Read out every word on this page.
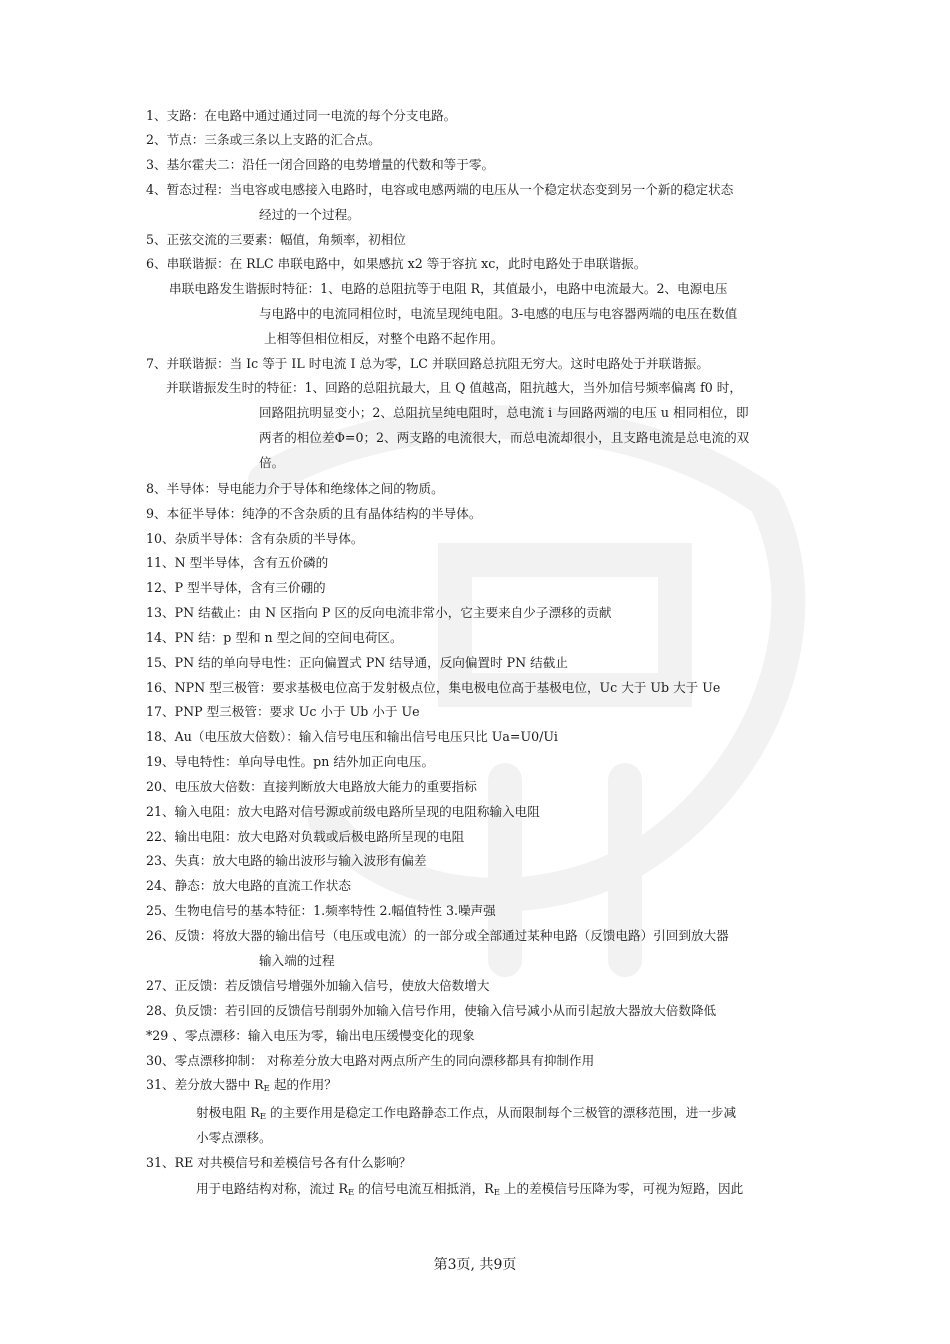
1、支路：在电路中通过通过同一电流的每个分支电路。
2、节点：三条或三条以上支路的汇合点。
3、基尔霍夫二：沿任一闭合回路的电势增量的代数和等于零。
4、暂态过程：当电容或电感接入电路时，电容或电感两端的电压从一个稳定状态变到另一个新的稳定状态
经过的一个过程。
5、正弦交流的三要素：幅值，角频率，初相位
6、串联谐振：在 RLC 串联电路中，如果感抗 x2 等于容抗 xc，此时电路处于串联谐振。
串联电路发生谐振时特征：1、电路的总阻抗等于电阻 R，其值最小，电路中电流最大。2、电源电压
与电路中的电流同相位时，电流呈现纯电阻。3-电感的电压与电容器两端的电压在数值
上相等但相位相反，对整个电路不起作用。
7、并联谐振：当 Ic 等于 IL 时电流 I 总为零，LC 并联回路总抗阻无穷大。这时电路处于并联谐振。
并联谐振发生时的特征：1、回路的总阻抗最大，且 Q 值越高，阻抗越大，当外加信号频率偏离 f0 时，
回路阻抗明显变小；2、总阻抗呈纯电阻时，总电流 i 与回路两端的电压 u 相同相位，即
两者的相位差Φ=0；2、两支路的电流很大，而总电流却很小，且支路电流是总电流的双
倍。
8、半导体：导电能力介于导体和绝缘体之间的物质。
9、本征半导体：纯净的不含杂质的且有晶体结构的半导体。
10、杂质半导体：含有杂质的半导体。
11、N 型半导体，含有五价磷的
12、P 型半导体，含有三价硼的
13、PN 结截止：由 N 区指向 P 区的反向电流非常小，它主要来自少子漂移的贡献
14、PN 结：p 型和 n 型之间的空间电荷区。
15、PN 结的单向导电性：正向偏置式 PN 结导通，反向偏置时 PN 结截止
16、NPN 型三极管：要求基极电位高于发射极点位，集电极电位高于基极电位，Uc 大于 Ub 大于 Ue
17、PNP 型三极管：要求 Uc 小于 Ub 小于 Ue
18、Au（电压放大倍数）：输入信号电压和输出信号电压只比 Ua=U0/Ui
19、导电特性：单向导电性。pn 结外加正向电压。
20、电压放大倍数：直接判断放大电路放大能力的重要指标
21、输入电阻：放大电路对信号源或前级电路所呈现的电阻称输入电阻
22、输出电阻：放大电路对负载或后极电路所呈现的电阻
23、失真：放大电路的输出波形与输入波形有偏差
24、静态：放大电路的直流工作状态
25、生物电信号的基本特征：1.频率特性 2.幅值特性 3.噪声强
26、反馈：将放大器的输出信号（电压或电流）的一部分或全部通过某种电路（反馈电路）引回到放大器
输入端的过程
27、正反馈：若反馈信号增强外加输入信号，使放大倍数增大
28、负反馈：若引回的反馈信号削弱外加输入信号作用，使输入信号减小从而引起放大器放大倍数降低
*29 、零点漂移：输入电压为零，输出电压缓慢变化的现象
30、零点漂移抑制： 对称差分放大电路对两点所产生的同向漂移都具有抑制作用
31、差分放大器中 $R_E$ 起的作用？
射极电阻 $R_E$ 的主要作用是稳定工作电路静态工作点，从而限制每个三极管的漂移范围，进一步减
小零点漂移。
31、RE 对共模信号和差模信号各有什么影响？
用于电路结构对称，流过 $R_E$ 的信号电流互相抵消，$R_E$ 上的差模信号压降为零，可视为短路，因此
第3页, 共9页
